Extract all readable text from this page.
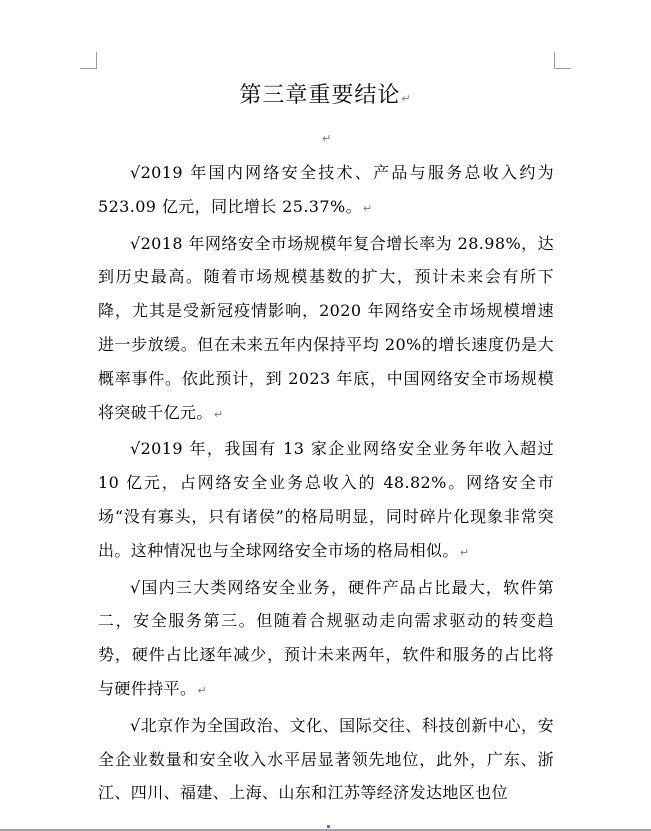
第三章重要结论↵
↵

√2019 年国内网络安全技术、产品与服务总收入约为 523.09 亿元，同比增长 25.37%。↵

√2018 年网络安全市场规模年复合增长率为 28.98%，达到历史最高。随着市场规模基数的扩大，预计未来会有所下降，尤其是受新冠疫情影响，2020 年网络安全市场规模增速进一步放缓。但在未来五年内保持平均 20%的增长速度仍是大概率事件。依此预计，到 2023 年底，中国网络安全市场规模将突破千亿元。↵

√2019 年，我国有 13 家企业网络安全业务年收入超过 10 亿元，占网络安全业务总收入的 48.82%。网络安全市场“没有寡头，只有诸侯”的格局明显，同时碎片化现象非常突出。这种情况也与全球网络安全市场的格局相似。↵

√国内三大类网络安全业务，硬件产品占比最大，软件第二，安全服务第三。但随着合规驱动走向需求驱动的转变趋势，硬件占比逐年减少，预计未来两年，软件和服务的占比将与硬件持平。↵

√北京作为全国政治、文化、国际交往、科技创新中心，安全企业数量和安全收入水平居显著领先地位，此外，广东、浙江、四川、福建、上海、山东和江苏等经济发达地区也位
